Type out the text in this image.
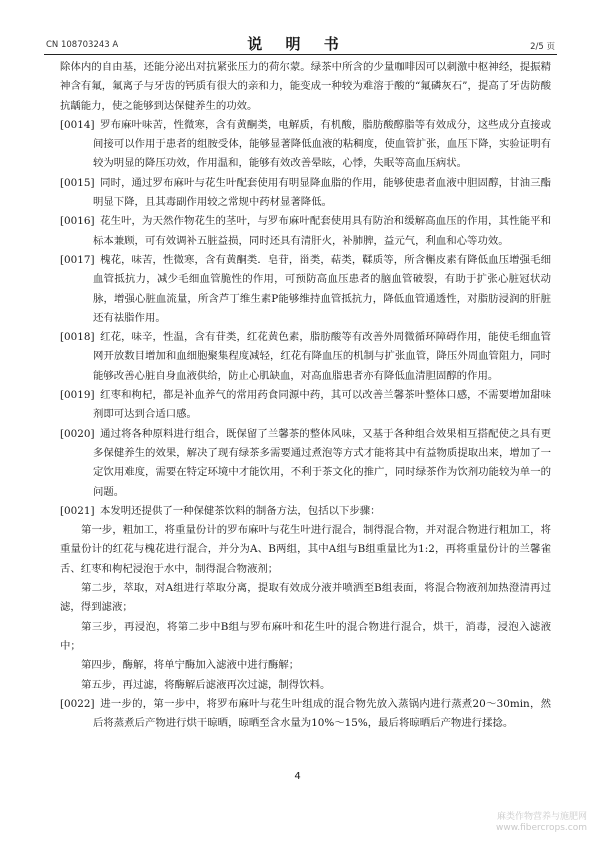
CN 108703243 A	说 明 书	2/5 页

除体内的自由基，还能分泌出对抗紧张压力的荷尔蒙。绿茶中所含的少量咖啡因可以刺激中枢神经，提振精神含有氟，氟离子与牙齿的钙质有很大的亲和力，能变成一种较为难溶于酸的“氟磷灰石”，提高了牙齿防酸抗龋能力，使之能够到达保健养生的功效。

[0014] 罗布麻叶味苦，性微寒，含有黄酮类，电解质，有机酸，脂肪酸醇脂等有效成分，这些成分直接或间接可以作用于患者的组胺受体，能够显著降低血液的粘稠度，使血管扩张，血压下降，实验证明有较为明显的降压功效，作用温和，能够有效改善晕眩，心悸，失眠等高血压病状。

[0015] 同时，通过罗布麻叶与花生叶配套使用有明显降血脂的作用，能够使患者血液中胆固醇，甘油三酯明显下降，且其毒副作用较之常规中药材显著降低。

[0016] 花生叶，为天然作物花生的茎叶，与罗布麻叶配套使用具有防治和缓解高血压的作用，其性能平和标本兼顾，可有效调补五脏益损，同时还具有清肝火，补肺脾，益元气，利血和心等功效。

[0017] 槐花，味苦，性微寒，含有黄酮类．皂苷，甾类，萜类，鞣质等，所含槲皮素有降低血压增强毛细血管抵抗力，减少毛细血管脆性的作用，可预防高血压患者的脑血管破裂，有助于扩张心脏冠状动脉，增强心脏血流量，所含芦丁维生素P能够维持血管抵抗力，降低血管通透性，对脂肪浸润的肝脏还有祛脂作用。

[0018] 红花，味辛，性温，含有苷类，红花黄色素，脂肪酸等有改善外周微循环障碍作用，能使毛细血管网开放数目增加和血细胞聚集程度减轻，红花有降血压的机制与扩张血管，降压外周血管阻力，同时能够改善心脏自身血液供给，防止心肌缺血，对高血脂患者亦有降低血清胆固醇的作用。

[0019] 红枣和枸杞，都是补血养气的常用药食同源中药，其可以改善兰馨茶叶整体口感，不需要增加甜味剂即可达到合适口感。

[0020] 通过将各种原料进行组合，既保留了兰馨茶的整体风味，又基于各种组合效果相互搭配使之具有更多保健养生的效果，解决了现有绿茶多需要通过煮泡等方式才能将其中有益物质提取出来，增加了一定饮用难度，需要在特定环境中才能饮用，不利于茶文化的推广，同时绿茶作为饮剂功能较为单一的问题。

[0021] 本发明还提供了一种保健茶饮料的制备方法，包括以下步骤：

第一步，粗加工，将重量份计的罗布麻叶与花生叶进行混合，制得混合物，并对混合物进行粗加工，将重量份计的红花与槐花进行混合，并分为A、B两组，其中A组与B组重量比为1:2，再将重量份计的兰馨雀舌、红枣和枸杞浸泡于水中，制得混合物液剂；

第二步，萃取，对A组进行萃取分离，提取有效成分液并喷洒至B组表面，将混合物液剂加热澄清再过滤，得到滤液；

第三步，再浸泡，将第二步中B组与罗布麻叶和花生叶的混合物进行混合，烘干，消毒，浸泡入滤液中；

第四步，酶解，将单宁酶加入滤液中进行酶解；

第五步，再过滤，将酶解后滤液再次过滤，制得饮料。

[0022] 进一步的，第一步中，将罗布麻叶与花生叶组成的混合物先放入蒸锅内进行蒸煮20～30min，然后将蒸煮后产物进行烘干晾晒，晾晒至含水量为10%～15%，最后将晾晒后产物进行揉捻。

4
麻类作物营养与施肥网
www.fibercrops.com
